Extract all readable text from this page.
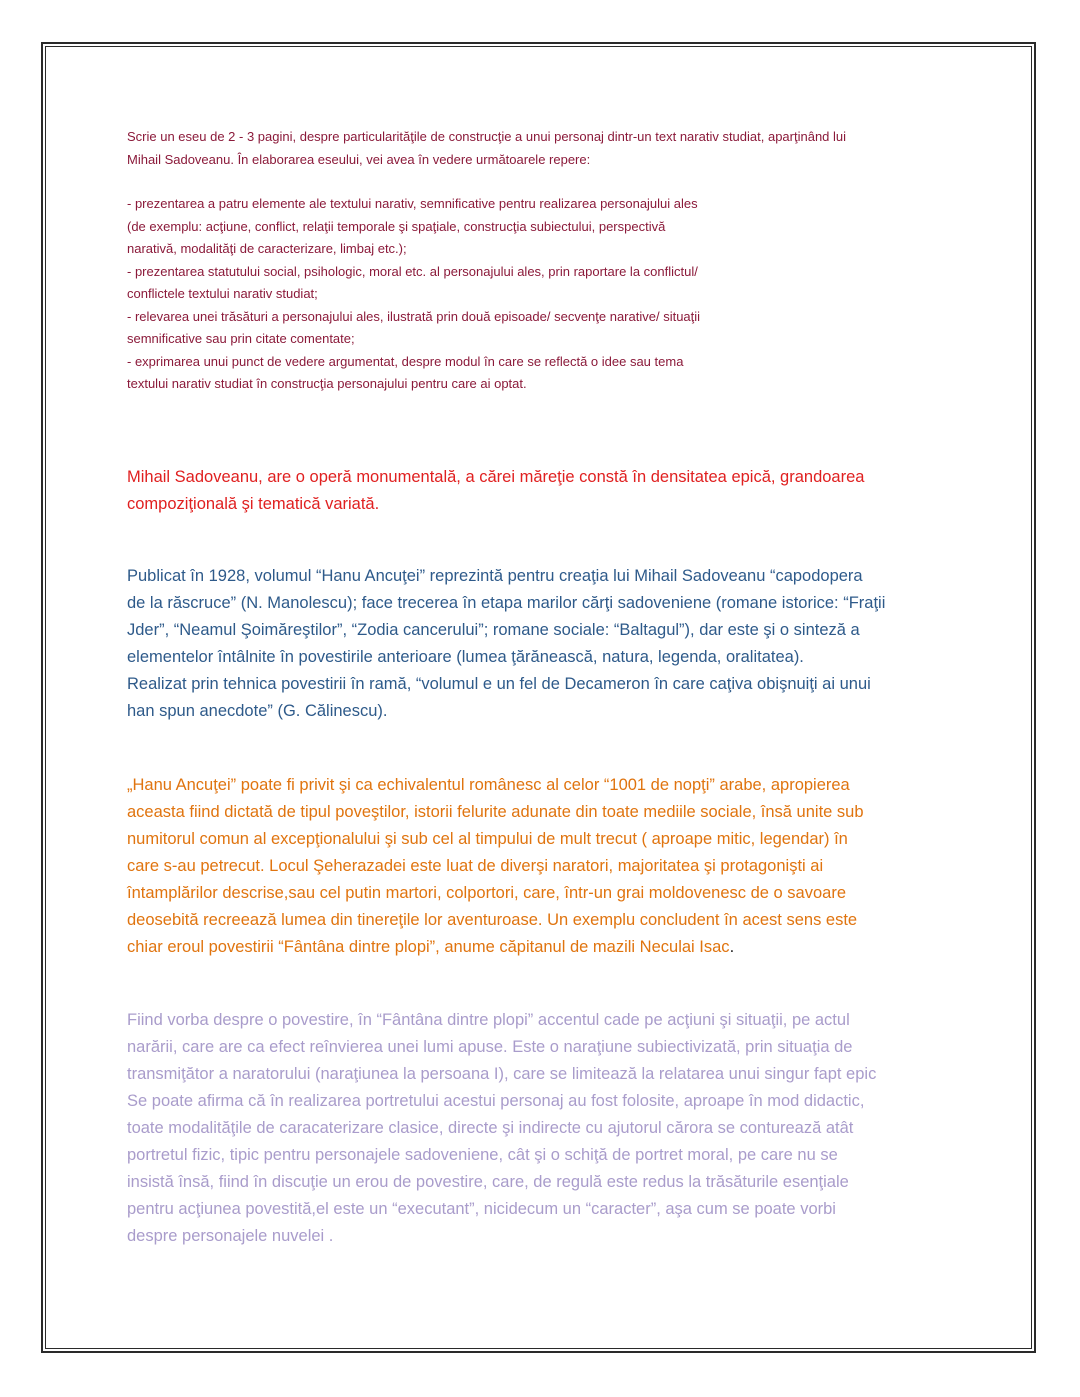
Scrie un eseu de 2 - 3 pagini, despre particularităţile de construcţie a unui personaj dintr-un text narativ studiat, aparţinând lui
Mihail Sadoveanu. În elaborarea eseului, vei avea în vedere următoarele repere:

- prezentarea a patru elemente ale textului narativ, semnificative pentru realizarea personajului ales
(de exemplu: acţiune, conflict, relaţii temporale şi spaţiale, construcţia subiectului, perspectivă
narativă, modalităţi de caracterizare, limbaj etc.);
- prezentarea statutului social, psihologic, moral etc. al personajului ales, prin raportare la conflictul/
conflictele textului narativ studiat;
- relevarea unei trăsături a personajului ales, ilustrată prin două episoade/ secvenţe narative/ situaţii
semnificative sau prin citate comentate;
- exprimarea unui punct de vedere argumentat, despre modul în care se reflectă o idee sau tema
textului narativ studiat în construcţia personajului pentru care ai optat.

Mihail Sadoveanu, are o operă monumentală, a cărei măreţie constă în densitatea epică, grandoarea
compoziţională şi tematică variată.

Publicat în 1928, volumul “Hanu Ancuţei” reprezintă pentru creaţia lui Mihail Sadoveanu “capodopera
de la răscruce” (N. Manolescu); face trecerea în etapa marilor cărţi sadoveniene (romane istorice: “Fraţii
Jder”, “Neamul Şoimăreştilor”, “Zodia cancerului”; romane sociale: “Baltagul”), dar este şi o sinteză a
elementelor întâlnite în povestirile anterioare (lumea ţărănească, natura, legenda, oralitatea).
Realizat prin tehnica povestirii în ramă, “volumul e un fel de Decameron în care caţiva obişnuiţi ai unui
han spun anecdote” (G. Călinescu).

„Hanu Ancuţei” poate fi privit şi ca echivalentul românesc al celor “1001 de nopţi” arabe, apropierea
aceasta fiind dictată de tipul poveştilor, istorii felurite adunate din toate mediile sociale, însă unite sub
numitorul comun al excepţionalului şi sub cel al timpului de mult trecut ( aproape mitic, legendar) în
care s-au petrecut. Locul Şeherazadei este luat de diverşi naratori, majoritatea şi protagonişti ai
întamplărilor descrise,sau cel putin martori, colportori, care, într-un grai moldovenesc de o savoare
deosebită recreează lumea din tinereţile lor aventuroase. Un exemplu concludent în acest sens este
chiar eroul povestirii “Fântâna dintre plopi”, anume căpitanul de mazili Neculai Isac.

Fiind vorba despre o povestire, în “Fântâna dintre plopi” accentul cade pe acţiuni şi situaţii, pe actul
narării, care are ca efect reînvierea unei lumi apuse. Este o naraţiune subiectivizată, prin situaţia de
transmiţător a naratorului (naraţiunea la persoana I), care se limitează la relatarea unui singur fapt epic
Se poate afirma că în realizarea portretului acestui personaj au fost folosite, aproape în mod didactic,
toate modalităţile de caracaterizare clasice, directe şi indirecte cu ajutorul cărora se conturează atât
portretul fizic, tipic pentru personajele sadoveniene, cât şi o schiţă de portret moral, pe care nu se
insistă însă, fiind în discuţie un erou de povestire, care, de regulă este redus la trăsăturile esenţiale
pentru acţiunea povestită,el este un “executant”, nicidecum un “caracter”, aşa cum se poate vorbi
despre personajele nuvelei .
